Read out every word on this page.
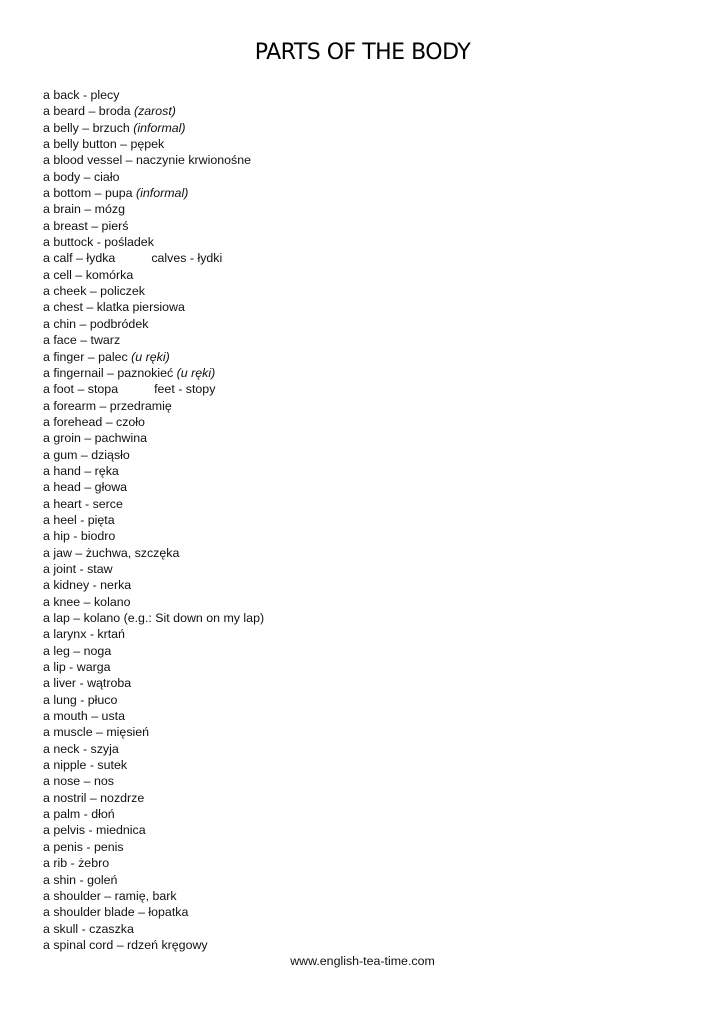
PARTS OF THE BODY
a back - plecy
a beard – broda (zarost)
a belly – brzuch (informal)
a belly button – pępek
a blood vessel – naczynie krwionośne
a body – ciało
a bottom – pupa (informal)
a brain – mózg
a breast – pierś
a buttock - pośladek
a calf – łydka	calves - łydki
a cell – komórka
a cheek – policzek
a chest – klatka piersiowa
a chin – podbródek
a face – twarz
a finger – palec (u ręki)
a fingernail – paznokieć (u ręki)
a foot – stopa	feet - stopy
a forearm – przedramię
a forehead – czoło
a groin – pachwina
a gum – dziąsło
a hand – ręka
a head – głowa
a heart - serce
a heel - pięta
a hip - biodro
a jaw – żuchwa, szczęka
a joint - staw
a kidney - nerka
a knee – kolano
a lap – kolano (e.g.: Sit down on my lap)
a larynx - krtań
a leg – noga
a lip - warga
a liver - wątroba
a lung - płuco
a mouth – usta
a muscle – mięsień
a neck - szyja
a nipple - sutek
a nose – nos
a nostril – nozdrze
a palm - dłoń
a pelvis - miednica
a penis - penis
a rib - żebro
a shin - goleń
a shoulder – ramię, bark
a shoulder blade – łopatka
a skull - czaszka
a spinal cord – rdzeń kręgowy
www.english-tea-time.com
